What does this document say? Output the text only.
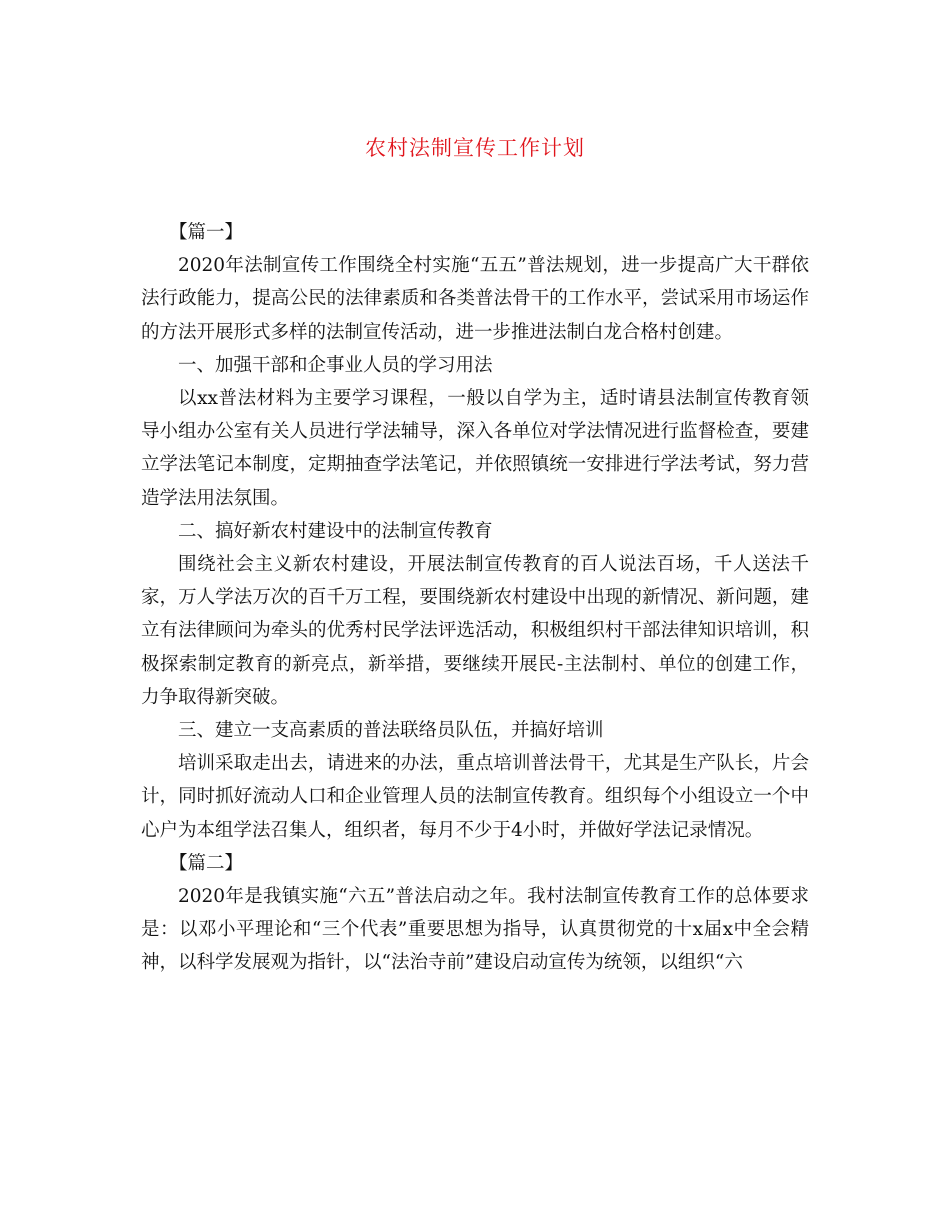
农村法制宣传工作计划

【篇一】

2020年法制宣传工作围绕全村实施“五五”普法规划，进一步提高广大干群依法行政能力，提高公民的法律素质和各类普法骨干的工作水平，尝试采用市场运作的方法开展形式多样的法制宣传活动，进一步推进法制白龙合格村创建。

一、加强干部和企事业人员的学习用法

以xx普法材料为主要学习课程，一般以自学为主，适时请县法制宣传教育领导小组办公室有关人员进行学法辅导，深入各单位对学法情况进行监督检查，要建立学法笔记本制度，定期抽查学法笔记，并依照镇统一安排进行学法考试，努力营造学法用法氛围。

二、搞好新农村建设中的法制宣传教育

围绕社会主义新农村建设，开展法制宣传教育的百人说法百场，千人送法千家，万人学法万次的百千万工程，要围绕新农村建设中出现的新情况、新问题，建立有法律顾问为牵头的优秀村民学法评选活动，积极组织村干部法律知识培训，积极探索制定教育的新亮点，新举措，要继续开展民-主法制村、单位的创建工作，力争取得新突破。

三、建立一支高素质的普法联络员队伍，并搞好培训

培训采取走出去，请进来的办法，重点培训普法骨干，尤其是生产队长，片会计，同时抓好流动人口和企业管理人员的法制宣传教育。组织每个小组设立一个中心户为本组学法召集人，组织者，每月不少于4小时，并做好学法记录情况。

【篇二】

2020年是我镇实施“六五”普法启动之年。我村法制宣传教育工作的总体要求是：以邓小平理论和“三个代表”重要思想为指导，认真贯彻党的十x届x中全会精神，以科学发展观为指针，以“法治寺前”建设启动宣传为统领，以组织“六
